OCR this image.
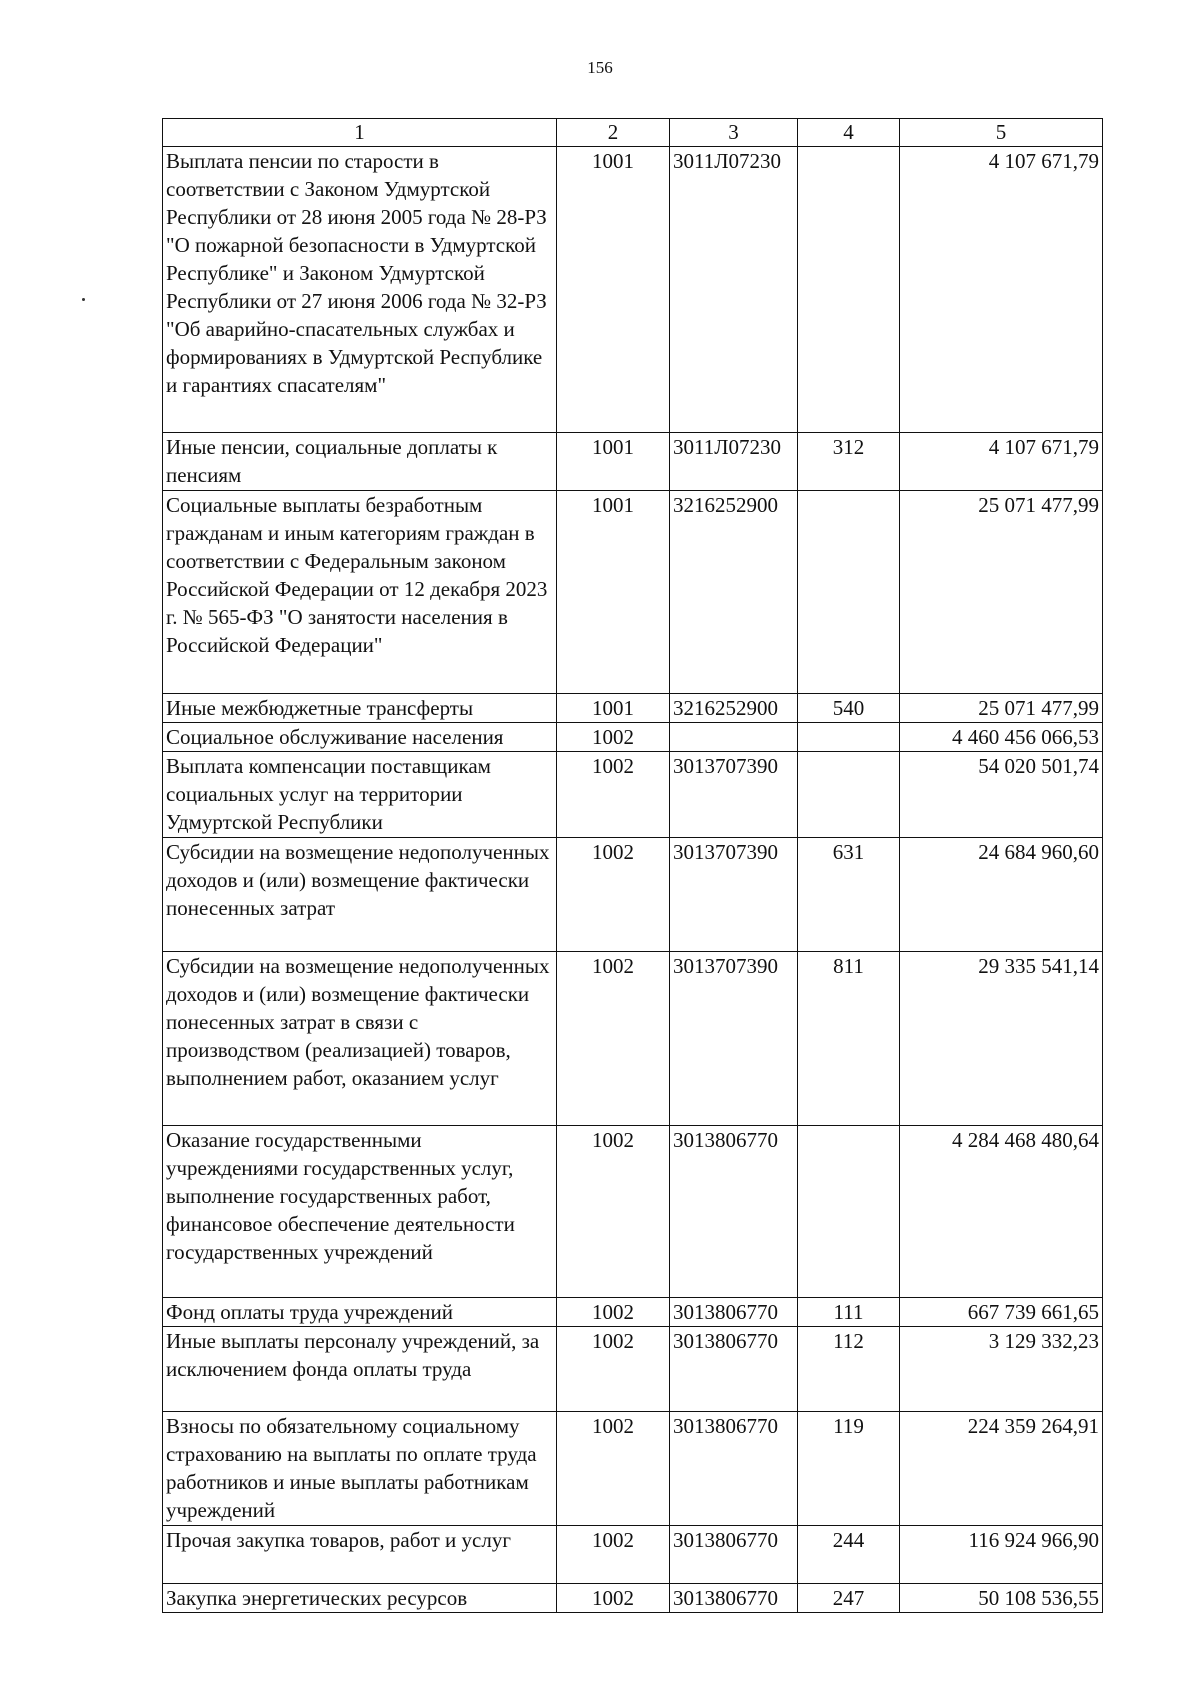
156
1	2	3	4	5
Выплата пенсии по старости в соответствии с Законом Удмуртской Республики от 28 июня 2005 года № 28-РЗ "О пожарной безопасности в Удмуртской Республике" и Законом Удмуртской Республики от 27 июня 2006 года № 32-РЗ "Об аварийно-спасательных службах и формированиях в Удмуртской Республике и гарантиях спасателям"	1001	3011Л07230		4 107 671,79
Иные пенсии, социальные доплаты к пенсиям	1001	3011Л07230	312	4 107 671,79
Социальные выплаты безработным гражданам и иным категориям граждан в соответствии с Федеральным законом Российской Федерации от 12 декабря 2023 г. № 565-ФЗ "О занятости населения в Российской Федерации"	1001	3216252900		25 071 477,99
Иные межбюджетные трансферты	1001	3216252900	540	25 071 477,99
Социальное обслуживание населения	1002			4 460 456 066,53
Выплата компенсации поставщикам социальных услуг на территории Удмуртской Республики	1002	3013707390		54 020 501,74
Субсидии на возмещение недополученных доходов и (или) возмещение фактически понесенных затрат	1002	3013707390	631	24 684 960,60
Субсидии на возмещение недополученных доходов и (или) возмещение фактически понесенных затрат в связи с производством (реализацией) товаров, выполнением работ, оказанием услуг	1002	3013707390	811	29 335 541,14
Оказание государственными учреждениями государственных услуг, выполнение государственных работ, финансовое обеспечение деятельности государственных учреждений	1002	3013806770		4 284 468 480,64
Фонд оплаты труда учреждений	1002	3013806770	111	667 739 661,65
Иные выплаты персоналу учреждений, за исключением фонда оплаты труда	1002	3013806770	112	3 129 332,23
Взносы по обязательному социальному страхованию на выплаты по оплате труда работников и иные выплаты работникам учреждений	1002	3013806770	119	224 359 264,91
Прочая закупка товаров, работ и услуг	1002	3013806770	244	116 924 966,90
Закупка энергетических ресурсов	1002	3013806770	247	50 108 536,55
